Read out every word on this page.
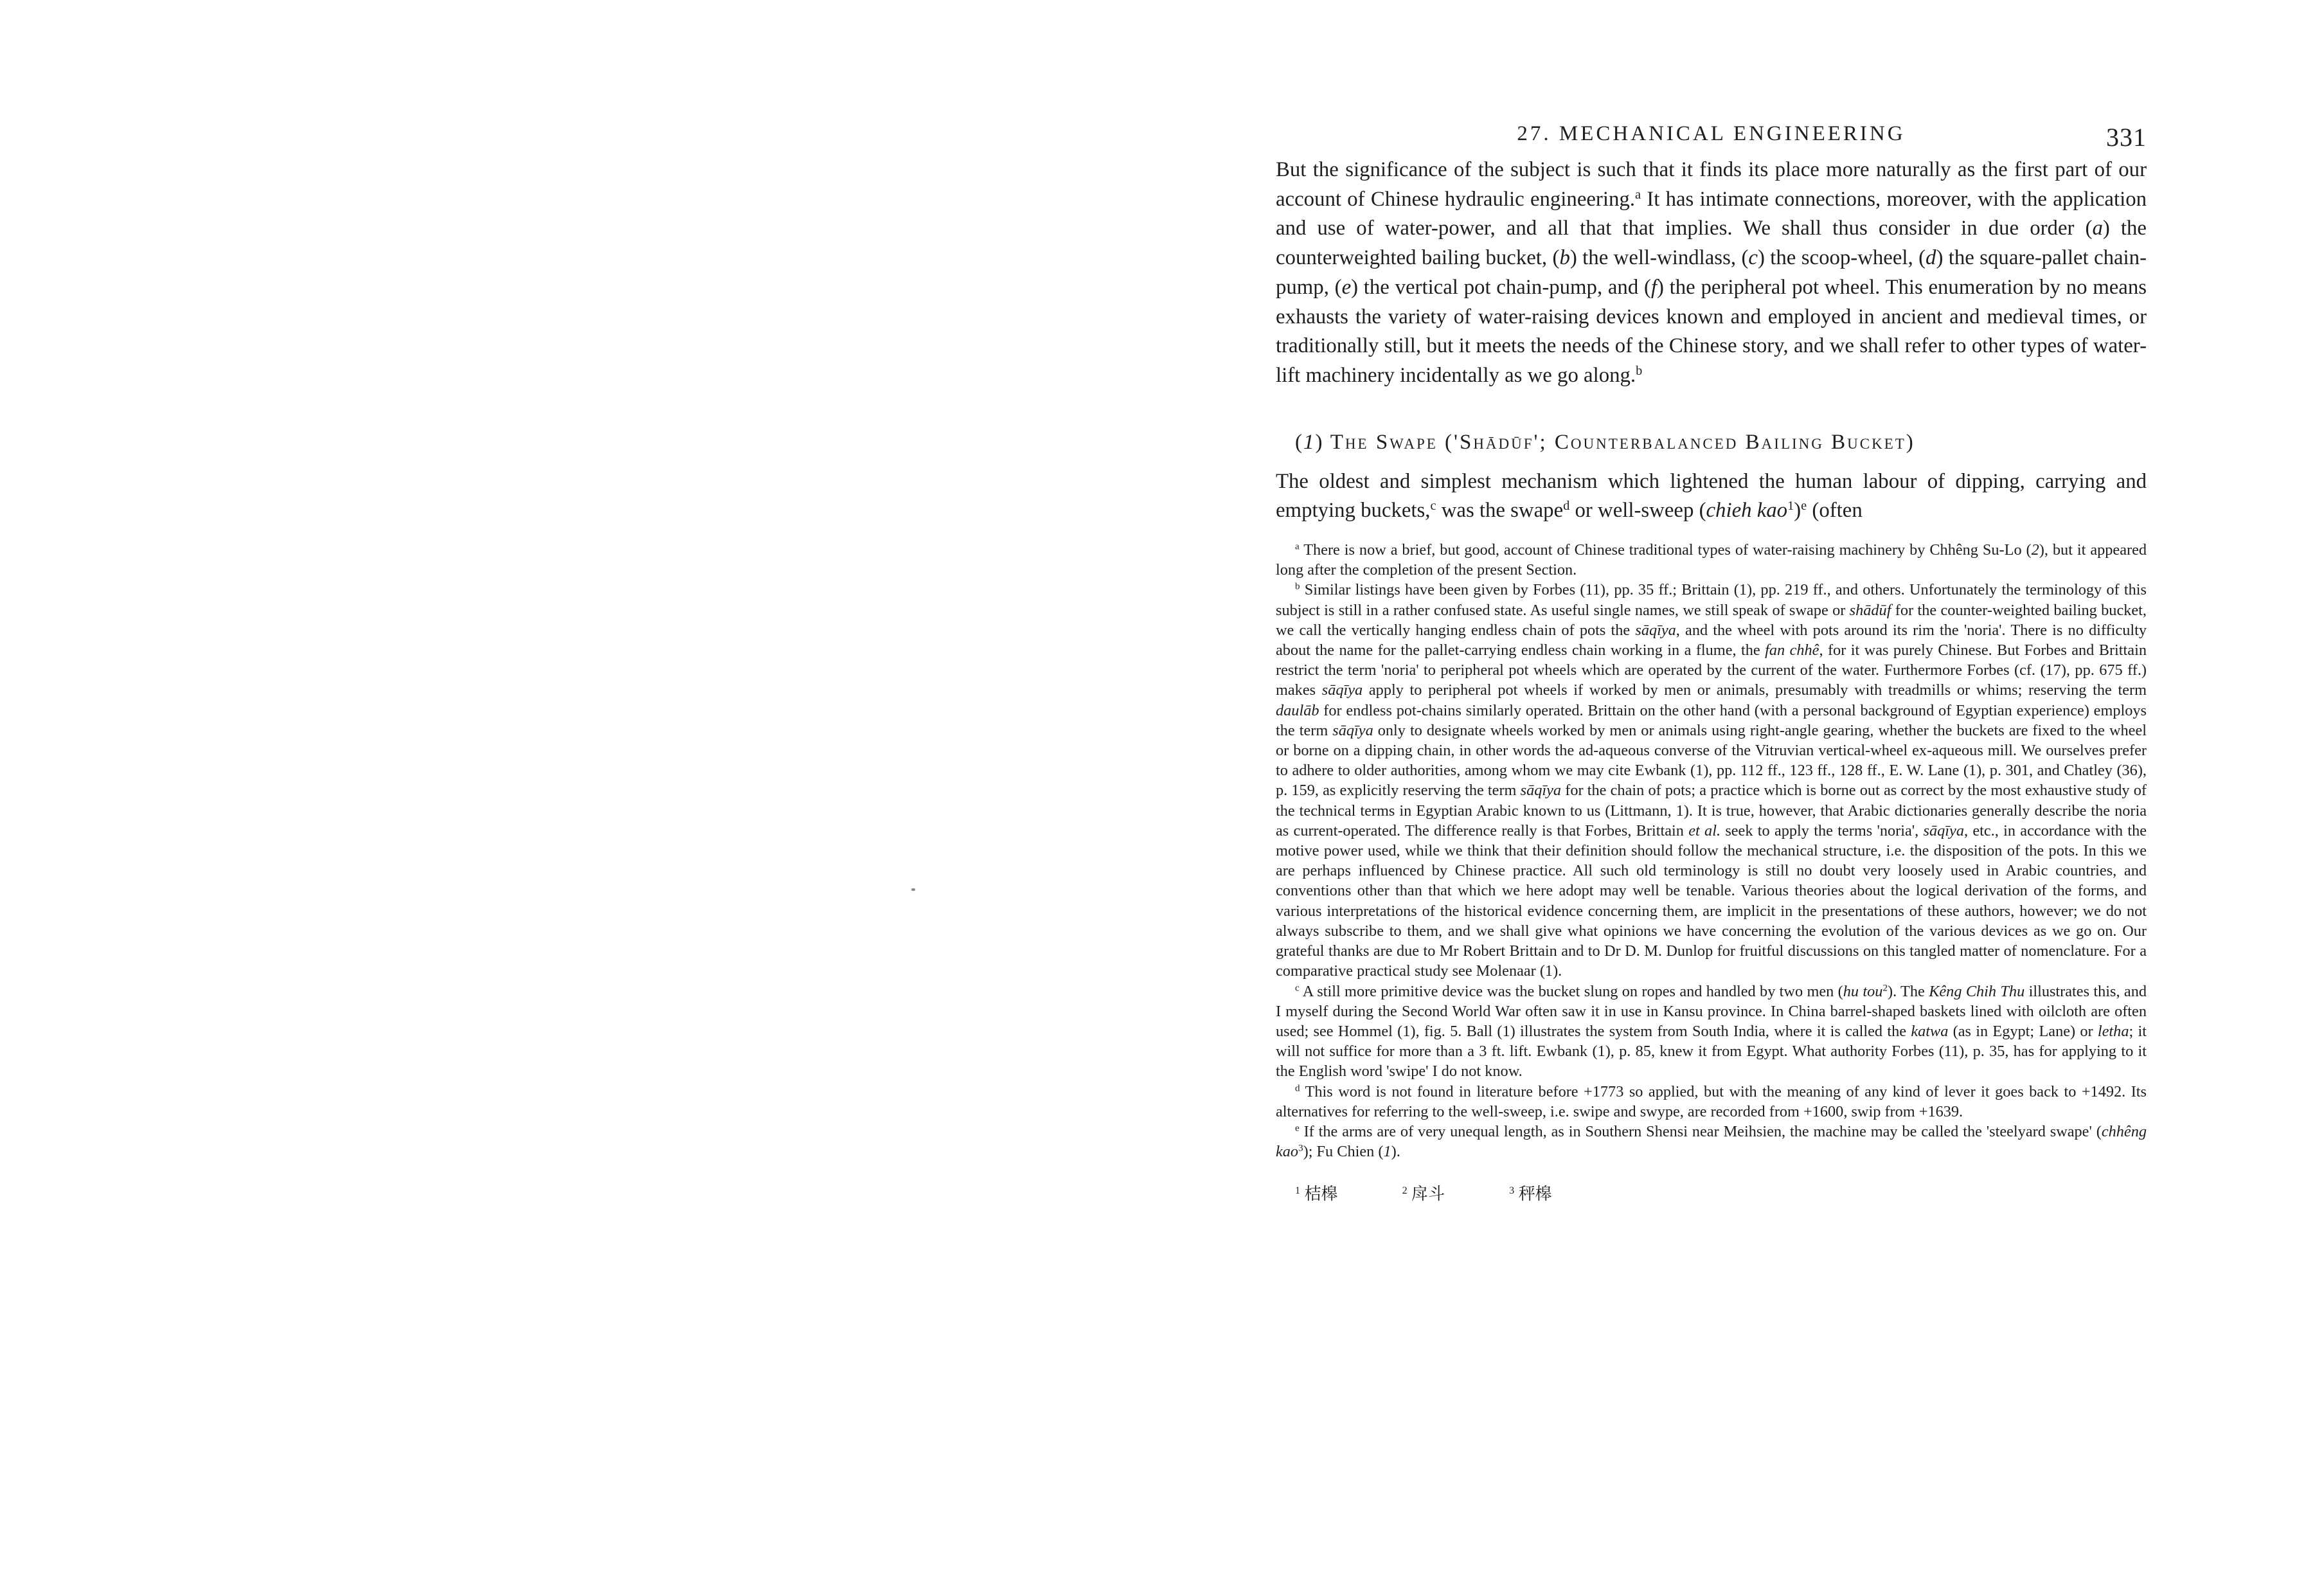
27. MECHANICAL ENGINEERING	331

But the significance of the subject is such that it finds its place more naturally as the first part of our account of Chinese hydraulic engineering.$^a$ It has intimate connections, moreover, with the application and use of water-power, and all that that implies. We shall thus consider in due order (a) the counterweighted bailing bucket, (b) the well-windlass, (c) the scoop-wheel, (d) the square-pallet chain-pump, (e) the vertical pot chain-pump, and (f) the peripheral pot wheel. This enumeration by no means exhausts the variety of water-raising devices known and employed in ancient and medieval times, or traditionally still, but it meets the needs of the Chinese story, and we shall refer to other types of water-lift machinery incidentally as we go along.$^b$

(1) The Swape ('Shādūf'; Counterbalanced Bailing Bucket)

The oldest and simplest mechanism which lightened the human labour of dipping, carrying and emptying buckets,$^c$ was the swape$^d$ or well-sweep (chieh kao$^1$)$^e$ (often

$^a$ There is now a brief, but good, account of Chinese traditional types of water-raising machinery by Chhêng Su-Lo (2), but it appeared long after the completion of the present Section.

$^b$ Similar listings have been given by Forbes (11), pp. 35 ff.; Brittain (1), pp. 219 ff., and others. Unfortunately the terminology of this subject is still in a rather confused state. As useful single names, we still speak of swape or shādūf for the counter-weighted bailing bucket, we call the vertically hanging endless chain of pots the sāqīya, and the wheel with pots around its rim the 'noria'. There is no difficulty about the name for the pallet-carrying endless chain working in a flume, the fan chhê, for it was purely Chinese. But Forbes and Brittain restrict the term 'noria' to peripheral pot wheels which are operated by the current of the water. Furthermore Forbes (cf. (17), pp. 675 ff.) makes sāqīya apply to peripheral pot wheels if worked by men or animals, presumably with treadmills or whims; reserving the term daulāb for endless pot-chains similarly operated. Brittain on the other hand (with a personal background of Egyptian experience) employs the term sāqīya only to designate wheels worked by men or animals using right-angle gearing, whether the buckets are fixed to the wheel or borne on a dipping chain, in other words the ad-aqueous converse of the Vitruvian vertical-wheel ex-aqueous mill. We ourselves prefer to adhere to older authorities, among whom we may cite Ewbank (1), pp. 112 ff., 123 ff., 128 ff., E. W. Lane (1), p. 301, and Chatley (36), p. 159, as explicitly reserving the term sāqīya for the chain of pots; a practice which is borne out as correct by the most exhaustive study of the technical terms in Egyptian Arabic known to us (Littmann, 1). It is true, however, that Arabic dictionaries generally describe the noria as current-operated. The difference really is that Forbes, Brittain et al. seek to apply the terms 'noria', sāqīya, etc., in accordance with the motive power used, while we think that their definition should follow the mechanical structure, i.e. the disposition of the pots. In this we are perhaps influenced by Chinese practice. All such old terminology is still no doubt very loosely used in Arabic countries, and conventions other than that which we here adopt may well be tenable. Various theories about the logical derivation of the forms, and various interpretations of the historical evidence concerning them, are implicit in the presentations of these authors, however; we do not always subscribe to them, and we shall give what opinions we have concerning the evolution of the various devices as we go on. Our grateful thanks are due to Mr Robert Brittain and to Dr D. M. Dunlop for fruitful discussions on this tangled matter of nomenclature. For a comparative practical study see Molenaar (1).

$^c$ A still more primitive device was the bucket slung on ropes and handled by two men (hu tou$^2$). The Kêng Chih Thu illustrates this, and I myself during the Second World War often saw it in use in Kansu province. In China barrel-shaped baskets lined with oilcloth are often used; see Hommel (1), fig. 5. Ball (1) illustrates the system from South India, where it is called the katwa (as in Egypt; Lane) or letha; it will not suffice for more than a 3 ft. lift. Ewbank (1), p. 85, knew it from Egypt. What authority Forbes (11), p. 35, has for applying to it the English word 'swipe' I do not know.

$^d$ This word is not found in literature before +1773 so applied, but with the meaning of any kind of lever it goes back to +1492. Its alternatives for referring to the well-sweep, i.e. swipe and swype, are recorded from +1600, swip from +1639.

$^e$ If the arms are of very unequal length, as in Southern Shensi near Meihsien, the machine may be called the 'steelyard swape' (chhêng kao$^3$); Fu Chien (1).

$^1$ 桔槔	$^2$ 戽斗	$^3$ 秤槔
